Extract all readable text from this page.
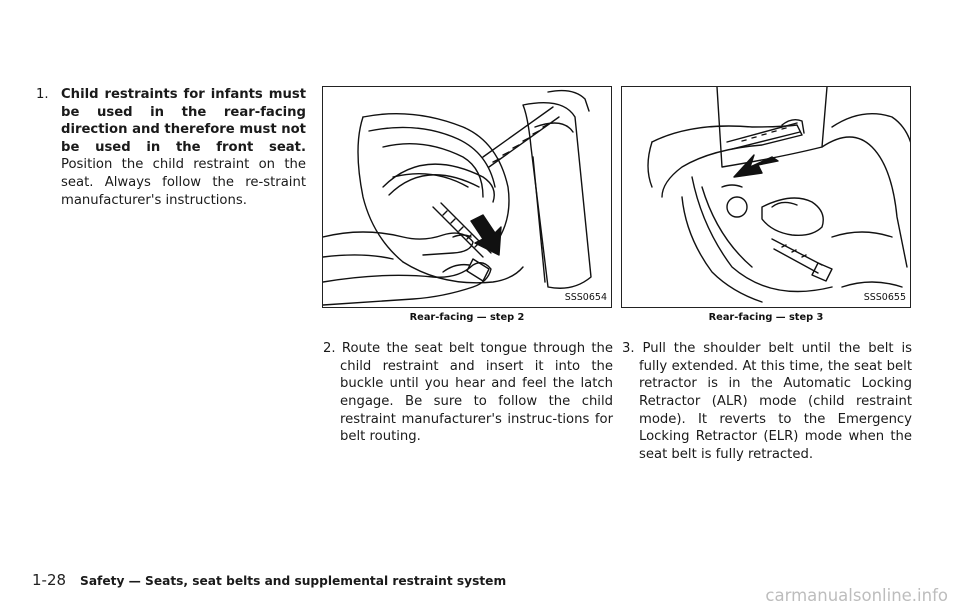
1. Child restraints for infants must be used in the rear-facing direction and therefore must not be used in the front seat. Position the child restraint on the seat. Always follow the re-straint manufacturer's instructions.

SSS0654
Rear-facing — step 2
SSS0655
Rear-facing — step 3

2. Route the seat belt tongue through the child restraint and insert it into the buckle until you hear and feel the latch engage. Be sure to follow the child restraint manufacturer's instruc-tions for belt routing.

3. Pull the shoulder belt until the belt is fully extended. At this time, the seat belt retractor is in the Automatic Locking Retractor (ALR) mode (child restraint mode). It reverts to the Emergency Locking Retractor (ELR) mode when the seat belt is fully retracted.

1-28 Safety — Seats, seat belts and supplemental restraint system
carmanualsonline.info
